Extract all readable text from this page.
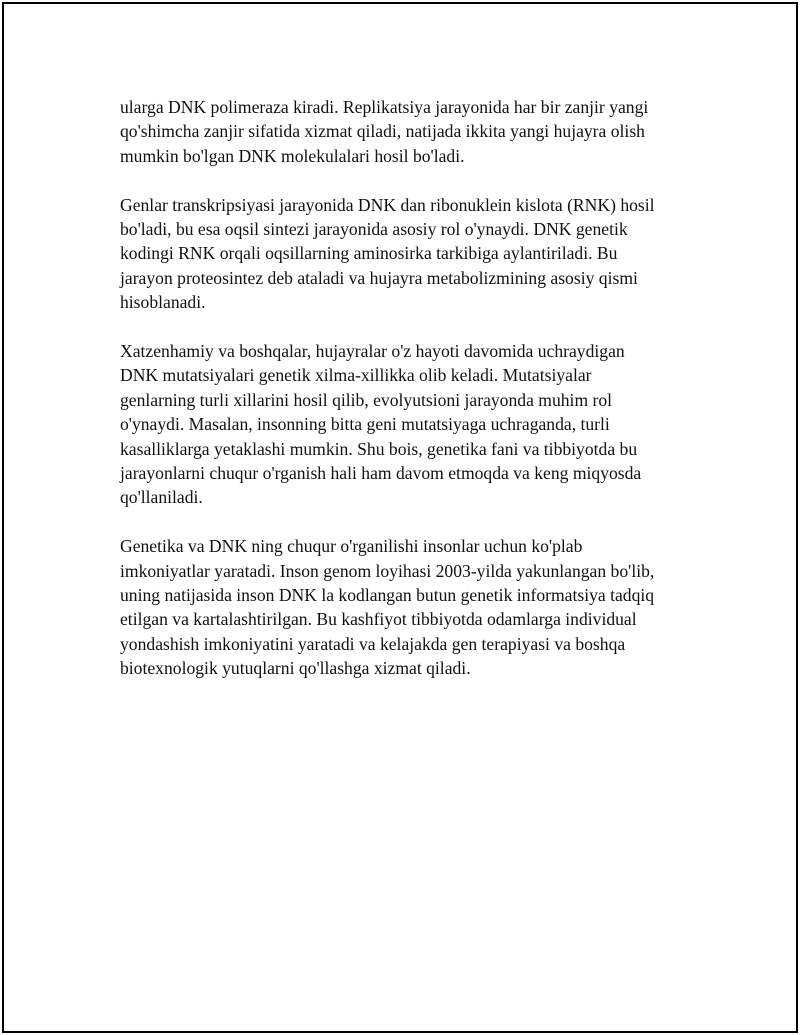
ularga DNK polimeraza kiradi. Replikatsiya jarayonida har bir zanjir yangi
qo'shimcha zanjir sifatida xizmat qiladi, natijada ikkita yangi hujayra olish
mumkin bo'lgan DNK molekulalari hosil bo'ladi.

Genlar transkripsiyasi jarayonida DNK dan ribonuklein kislota (RNK) hosil
bo'ladi, bu esa oqsil sintezi jarayonida asosiy rol o'ynaydi. DNK genetik
kodingi RNK orqali oqsillarning aminosirka tarkibiga aylantiriladi. Bu
jarayon proteosintez deb ataladi va hujayra metabolizmining asosiy qismi
hisoblanadi.

Xatzenhamiy va boshqalar, hujayralar o'z hayoti davomida uchraydigan
DNK mutatsiyalari genetik xilma-xillikka olib keladi. Mutatsiyalar
genlarning turli xillarini hosil qilib, evolyutsioni jarayonda muhim rol
o'ynaydi. Masalan, insonning bitta geni mutatsiyaga uchraganda, turli
kasalliklarga yetaklashi mumkin. Shu bois, genetika fani va tibbiyotda bu
jarayonlarni chuqur o'rganish hali ham davom etmoqda va keng miqyosda
qo'llaniladi.

Genetika va DNK ning chuqur o'rganilishi insonlar uchun ko'plab
imkoniyatlar yaratadi. Inson genom loyihasi 2003-yilda yakunlangan bo'lib,
uning natijasida inson DNK la kodlangan butun genetik informatsiya tadqiq
etilgan va kartalashtirilgan. Bu kashfiyot tibbiyotda odamlarga individual
yondashish imkoniyatini yaratadi va kelajakda gen terapiyasi va boshqa
biotexnologik yutuqlarni qo'llashga xizmat qiladi.
